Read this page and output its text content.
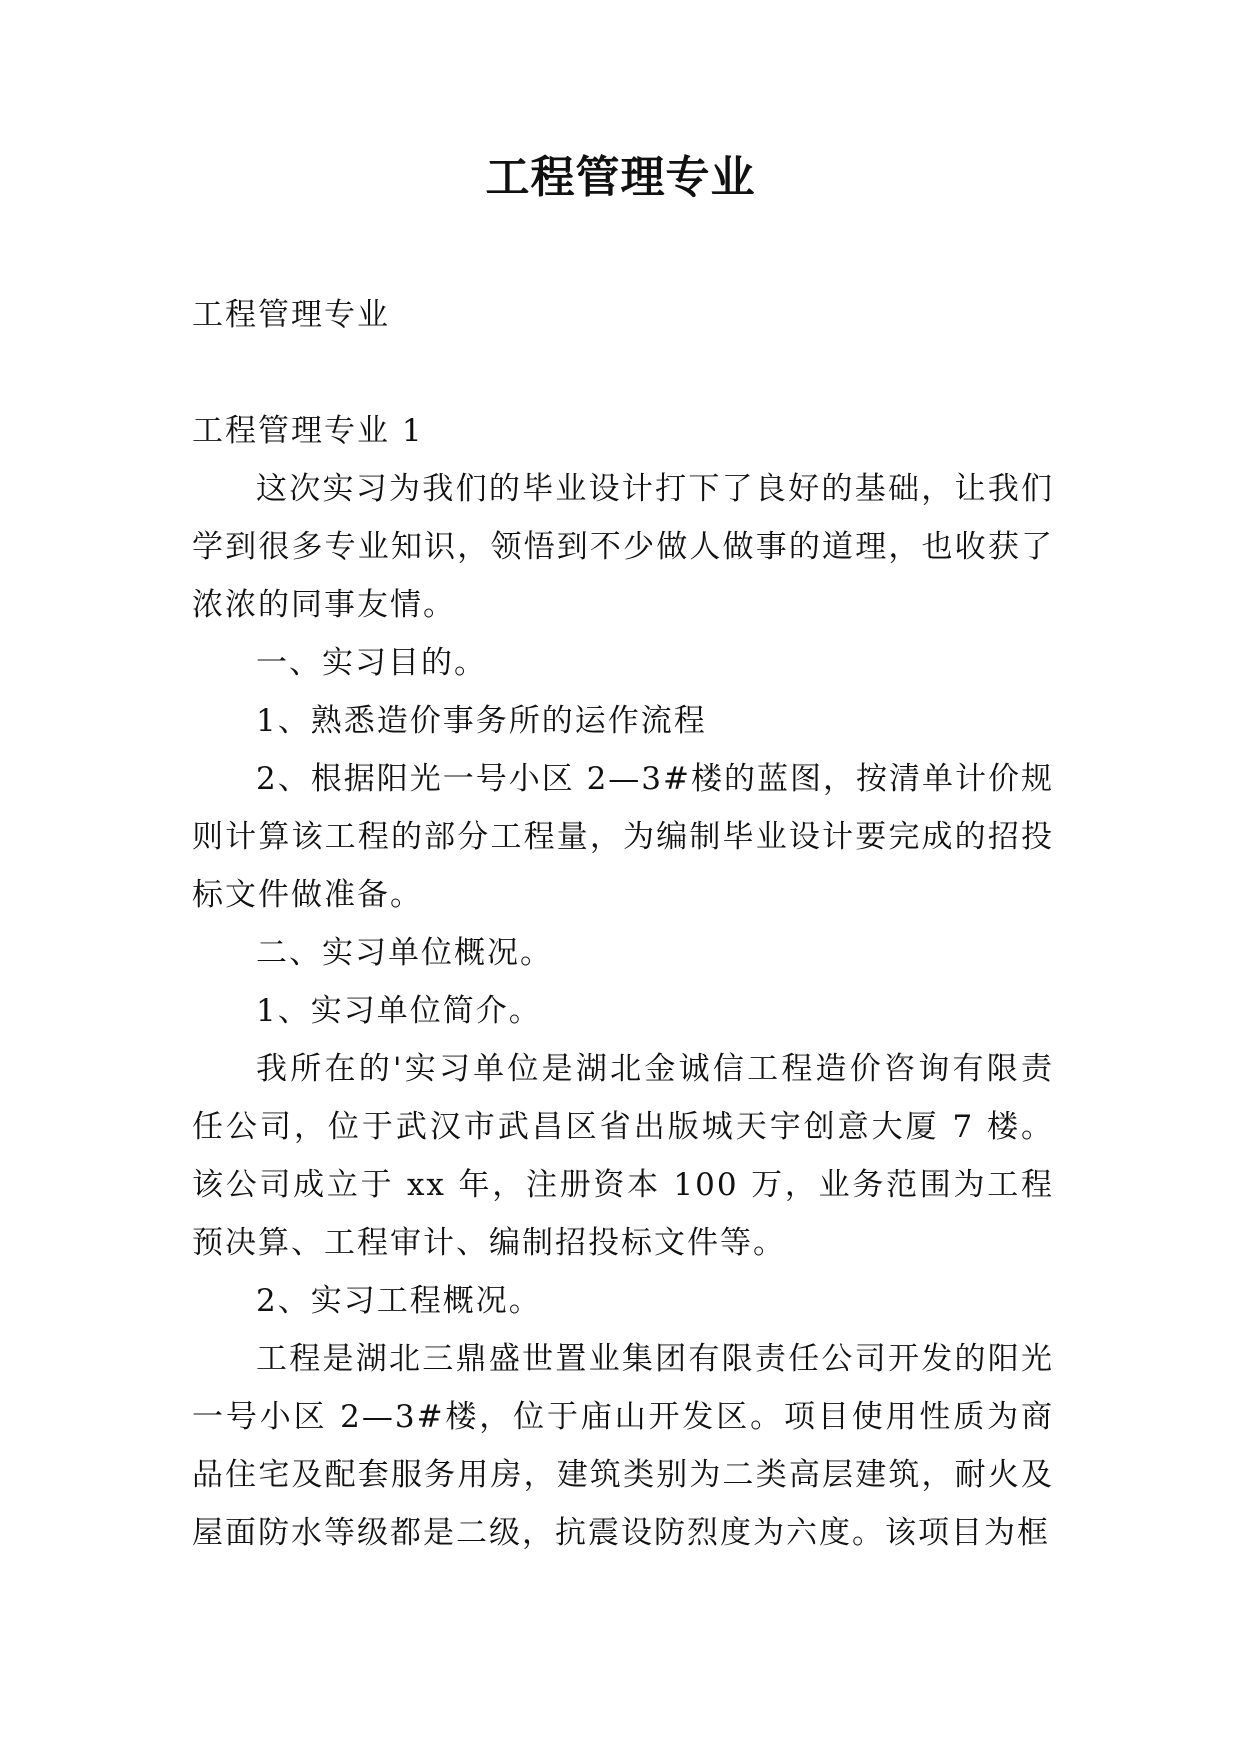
工程管理专业

工程管理专业

工程管理专业 1

这次实习为我们的毕业设计打下了良好的基础，让我们学到很多专业知识，领悟到不少做人做事的道理，也收获了浓浓的同事友情。

一、实习目的。

1、熟悉造价事务所的运作流程

2、根据阳光一号小区 2—3#楼的蓝图，按清单计价规则计算该工程的部分工程量，为编制毕业设计要完成的招投标文件做准备。

二、实习单位概况。

1、实习单位简介。

我所在的'实习单位是湖北金诚信工程造价咨询有限责任公司，位于武汉市武昌区省出版城天宇创意大厦 7 楼。该公司成立于 xx 年，注册资本 100 万，业务范围为工程预决算、工程审计、编制招投标文件等。

2、实习工程概况。

工程是湖北三鼎盛世置业集团有限责任公司开发的阳光一号小区 2—3#楼，位于庙山开发区。项目使用性质为商品住宅及配套服务用房，建筑类别为二类高层建筑，耐火及屋面防水等级都是二级，抗震设防烈度为六度。该项目为框
